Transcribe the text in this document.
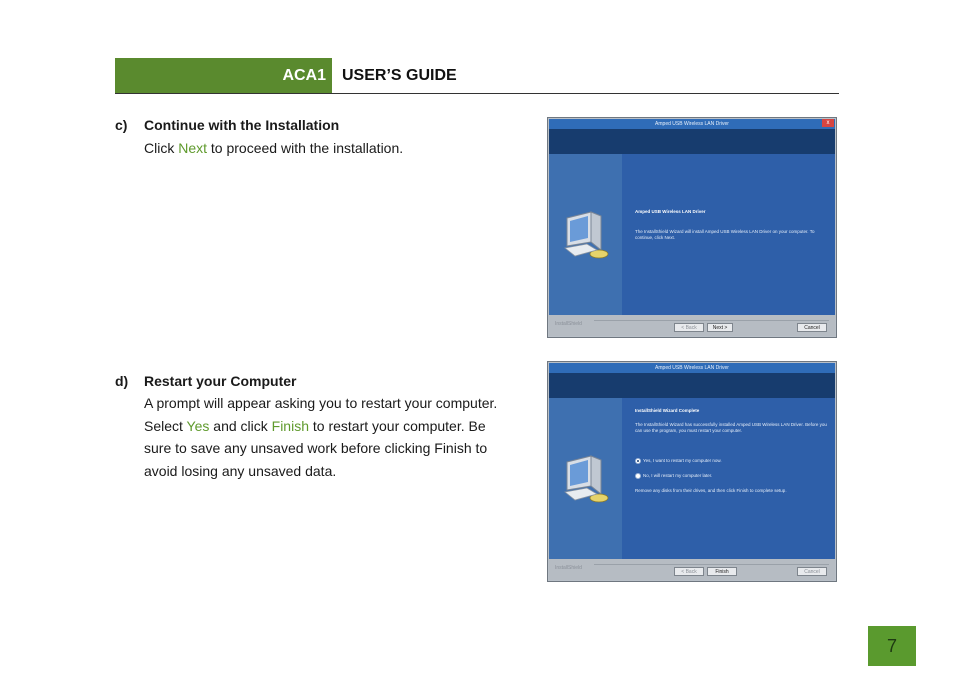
ACA1 USER’S GUIDE
c) Continue with the Installation
Click Next to proceed with the installation.
d) Restart your Computer
A prompt will appear asking you to restart your computer.
Select Yes and click Finish to restart your computer. Be
sure to save any unsaved work before clicking Finish to
avoid losing any unsaved data.
Amped USB Wireless LAN Driver	x
Amped USB Wireless LAN Driver
The InstallShield Wizard will install Amped USB Wireless LAN Driver on your computer. To
continue, click Next.
InstallShield
< Back	Next >	Cancel
Amped USB Wireless LAN Driver
InstallShield Wizard Complete
The InstallShield Wizard has successfully installed Amped USB Wireless LAN Driver. Before you
can use the program, you must restart your computer.
Yes, I want to restart my computer now.
No, I will restart my computer later.
Remove any disks from their drives, and then click Finish to complete setup.
InstallShield
< Back	Finish	Cancel
7
